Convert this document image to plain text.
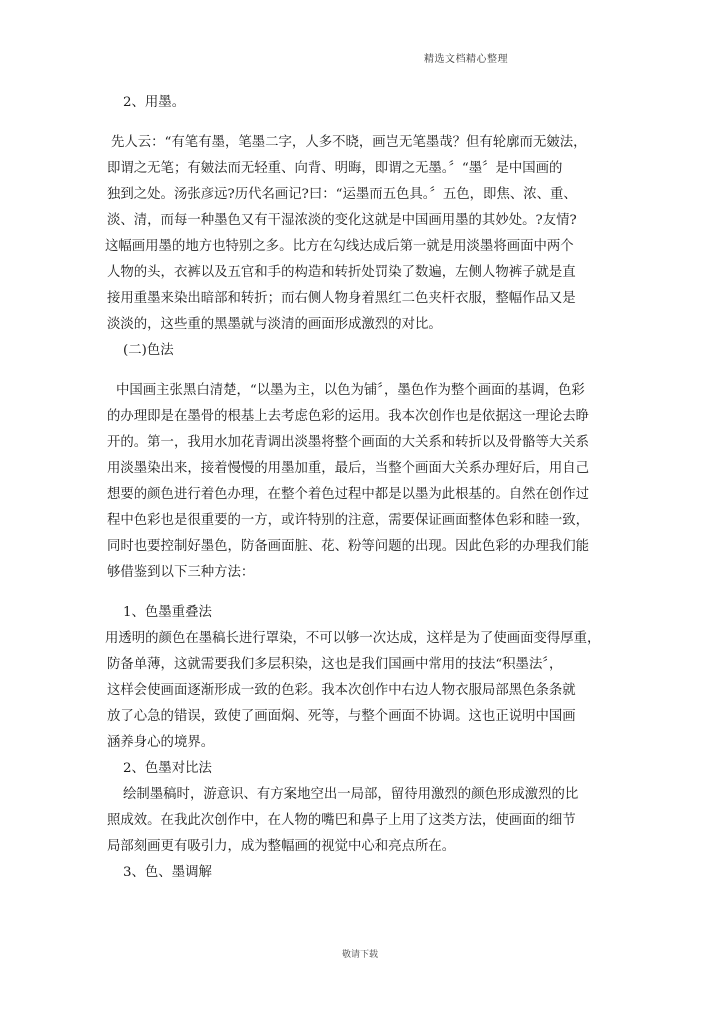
精选文档精心整理
2、用墨。
先人云：“有笔有墨，笔墨二字，人多不晓，画岂无笔墨哉？但有轮廓而无皴法，
即谓之无笔；有皴法而无轻重、向背、明晦，即谓之无墨。〞“墨〞是中国画的
独到之处。汤张彦远?历代名画记?曰：“运墨而五色具。〞五色，即焦、浓、重、
淡、清，而每一种墨色又有干湿浓淡的变化这就是中国画用墨的其妙处。?友情?
这幅画用墨的地方也特别之多。比方在勾线达成后第一就是用淡墨将画面中两个
人物的头，衣裤以及五官和手的构造和转折处罚染了数遍，左侧人物裤子就是直
接用重墨来染出暗部和转折；而右侧人物身着黑红二色夹杆衣服，整幅作品又是
淡淡的，这些重的黑墨就与淡清的画面形成激烈的对比。
(二)色法
中国画主张黑白清楚，“以墨为主，以色为铺〞，墨色作为整个画面的基调，色彩
的办理即是在墨骨的根基上去考虑色彩的运用。我本次创作也是依据这一理论去睁
开的。第一，我用水加花青调出淡墨将整个画面的大关系和转折以及骨骼等大关系
用淡墨染出来，接着慢慢的用墨加重，最后，当整个画面大关系办理好后，用自己
想要的颜色进行着色办理，在整个着色过程中都是以墨为此根基的。自然在创作过
程中色彩也是很重要的一方，或许特别的注意，需要保证画面整体色彩和睦一致，
同时也要控制好墨色，防备画面脏、花、粉等问题的出现。因此色彩的办理我们能
够借鉴到以下三种方法：
1、色墨重叠法
用透明的颜色在墨稿长进行罩染，不可以够一次达成，这样是为了使画面变得厚重，
防备单薄，这就需要我们多层积染，这也是我们国画中常用的技法“积墨法〞，
这样会使画面逐渐形成一致的色彩。我本次创作中右边人物衣服局部黑色条条就
放了心急的错误，致使了画面焖、死等，与整个画面不协调。这也正说明中国画
涵养身心的境界。
2、色墨对比法
绘制墨稿时，游意识、有方案地空出一局部，留待用激烈的颜色形成激烈的比
照成效。在我此次创作中，在人物的嘴巴和鼻子上用了这类方法，使画面的细节
局部刻画更有吸引力，成为整幅画的视觉中心和亮点所在。
3、色、墨调解
敬请下载
